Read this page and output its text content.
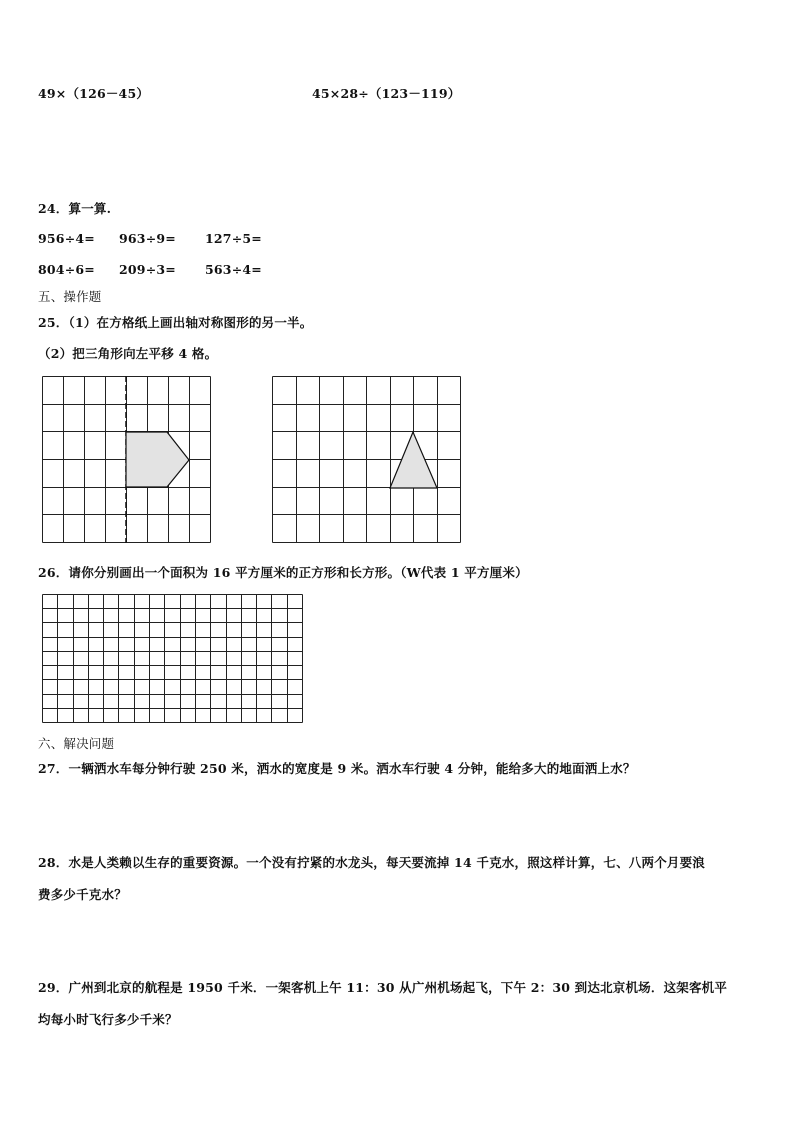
49×（126－45）	45×28÷（123－119）
24．算一算.
956÷4= 963÷9= 127÷5=
804÷6= 209÷3= 563÷4=
五、操作题
25．（1）在方格纸上画出轴对称图形的另一半。
（2）把三角形向左平移 4 格。
26．请你分别画出一个面积为 16 平方厘米的正方形和长方形。（W代表 1 平方厘米）
六、解决问题
27．一辆洒水车每分钟行驶 250 米，洒水的宽度是 9 米。洒水车行驶 4 分钟，能给多大的地面洒上水？
28．水是人类赖以生存的重要资源。一个没有拧紧的水龙头，每天要流掉 14 千克水，照这样计算，七、八两个月要浪
费多少千克水？
29．广州到北京的航程是 1950 千米．一架客机上午 11：30 从广州机场起飞，下午 2：30 到达北京机场．这架客机平
均每小时飞行多少千米？
